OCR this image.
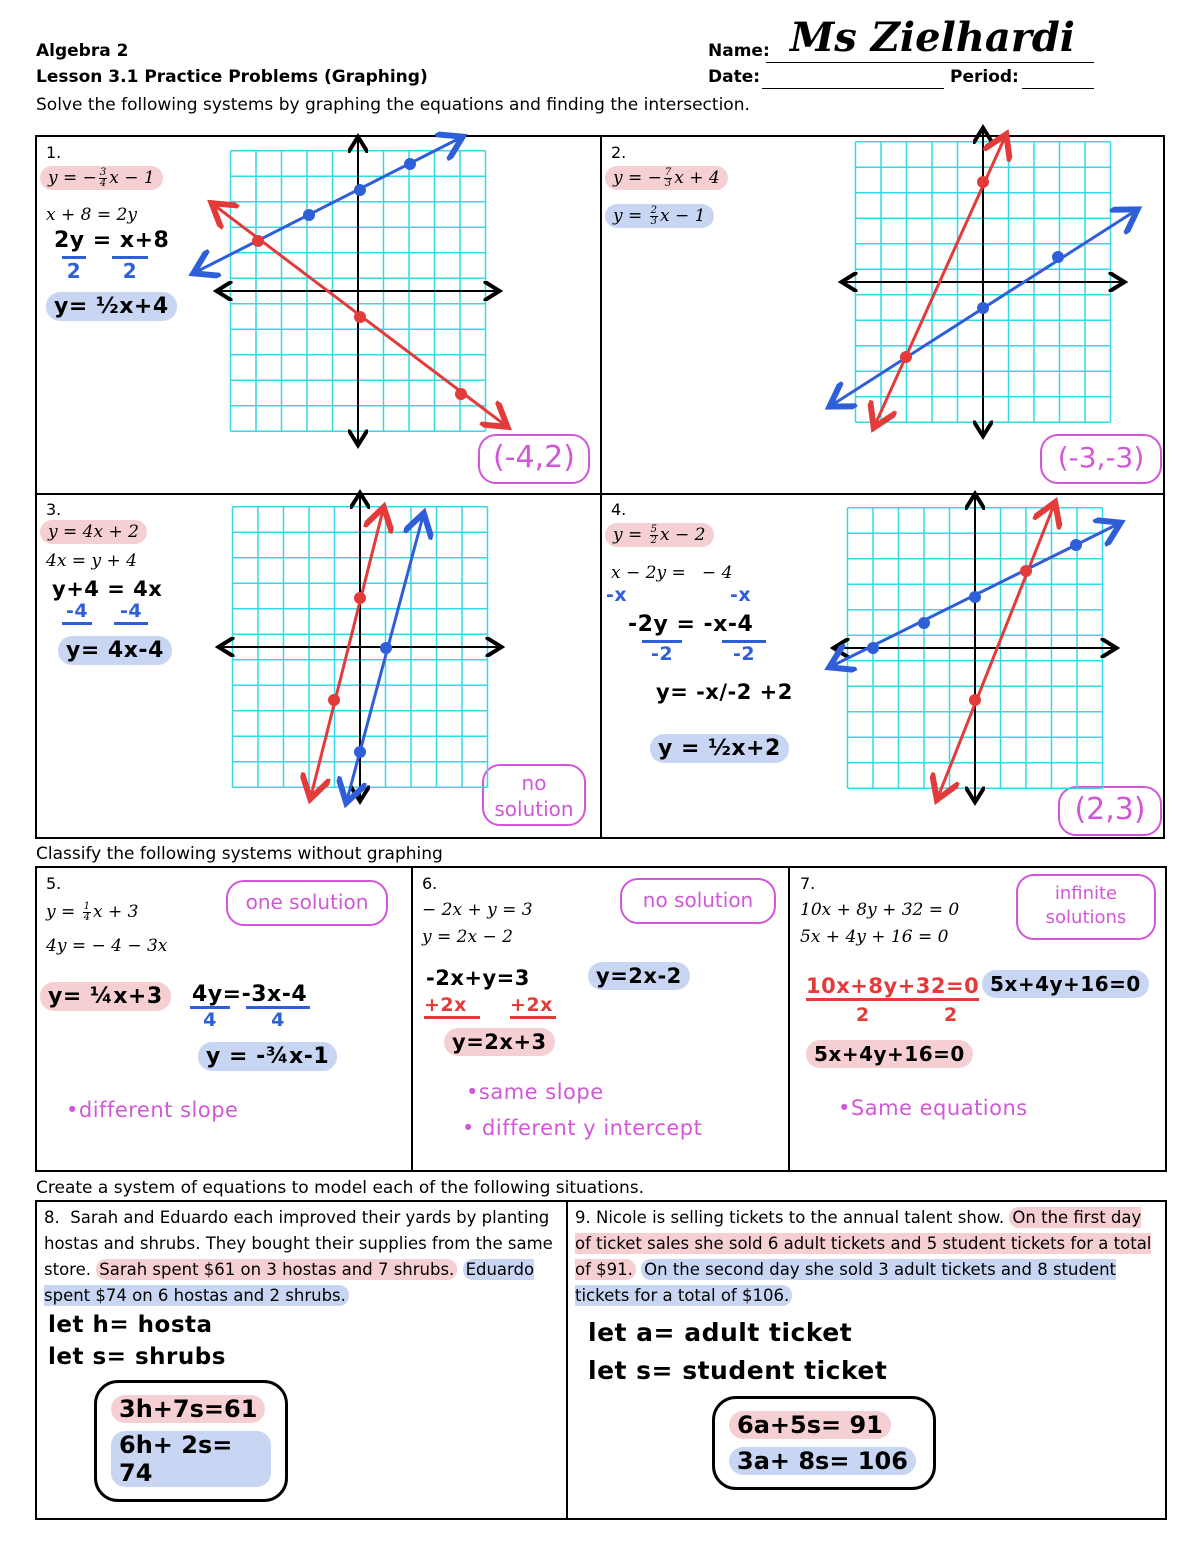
Algebra 2
Lesson 3.1 Practice Problems (Graphing)
Name: Ms Zielhardi
Date:	Period:
Solve the following systems by graphing the equations and finding the intersection.
1.
y = − $\frac{3}{4}$ x − 1
x + 8 = 2y
2y = x+8
2	2
y= ½x+4
(-4,2)
2.
y = − $\frac{7}{3}$ x + 4
$y = \frac{2}{3}$ x − 1
(-3,-3)
3.
y = 4x + 2
4x = y + 4
y+4 = 4x
-4	-4
y= 4x-4
no solution
4.
$y = \frac{5}{2}$ x − 2
x − 2y =   − 4
-x	-x
-2y = -x-4
-2	-2
y= -x/-2 +2
y = ½x+2
(2,3)
Classify the following systems without graphing
5.
$y = \frac{1}{4}$ x + 3
4y = − 4 − 3x
y= ¼x+3	4y=-3x-4
4	4
y = -¾x-1
•different slope
one solution
6.
− 2x + y = 3
y = 2x − 2
-2x+y=3
+2x	+2x
y=2x+3
y=2x-2
•same slope
• different y intercept
no solution
7.
10x + 8y + 32 = 0
5x + 4y + 16 = 0
10x+8y+32=0
2	2
5x+4y+16=0
5x+4y+16=0
•Same equations
infinite solutions
Create a system of equations to model each of the following situations.
8. Sarah and Eduardo each improved their yards by planting hostas and shrubs. They bought their supplies from the same store. Sarah spent $61 on 3 hostas and 7 shrubs. Eduardo spent $74 on 6 hostas and 2 shrubs.
let h= hosta
let s= shrubs
3h+7s=61
6h+ 2s= 74
9. Nicole is selling tickets to the annual talent show. On the first day of ticket sales she sold 6 adult tickets and 5 student tickets for a total of $91. On the second day she sold 3 adult tickets and 8 student tickets for a total of $106.
let a= adult ticket
let s= student ticket
6a+5s= 91
3a+ 8s= 106
